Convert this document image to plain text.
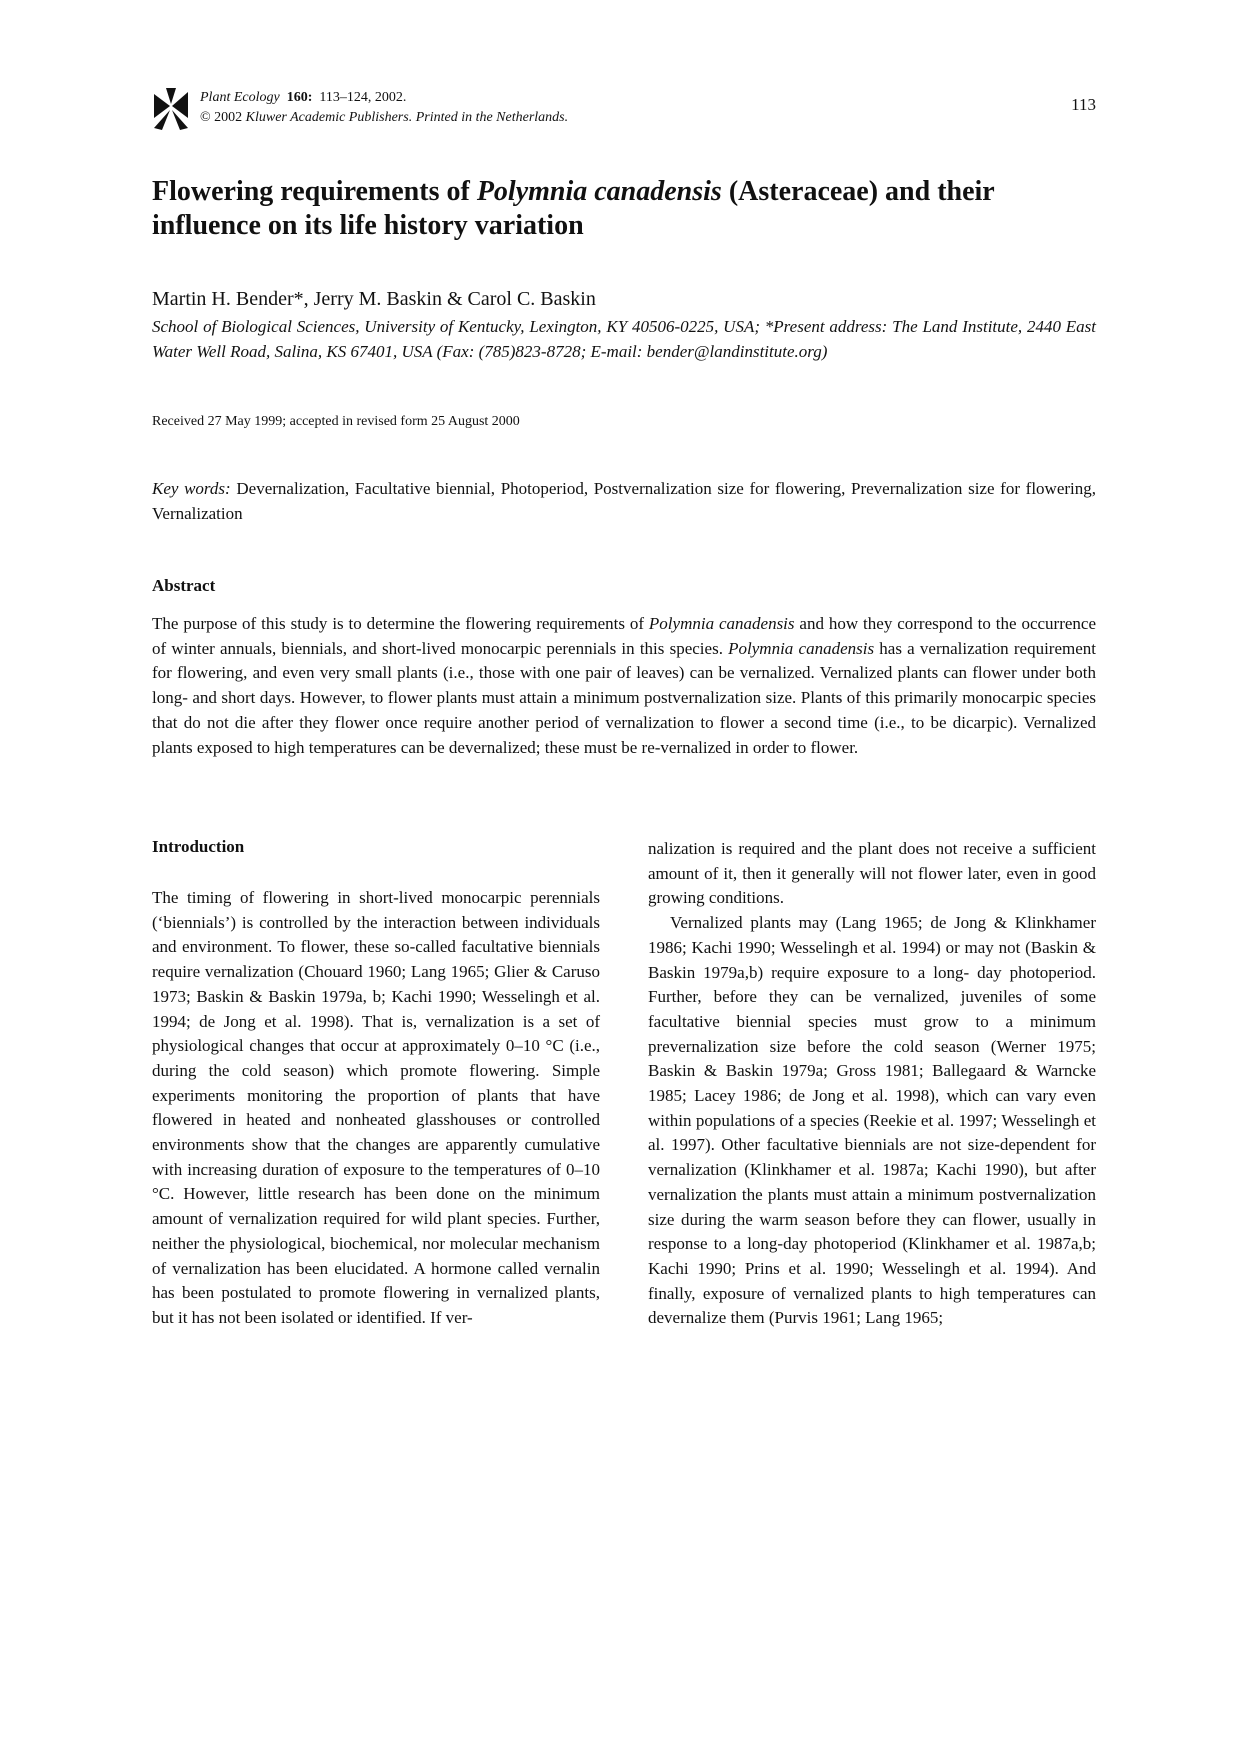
Plant Ecology 160: 113–124, 2002.
© 2002 Kluwer Academic Publishers. Printed in the Netherlands.
113
Flowering requirements of Polymnia canadensis (Asteraceae) and their influence on its life history variation
Martin H. Bender*, Jerry M. Baskin & Carol C. Baskin
School of Biological Sciences, University of Kentucky, Lexington, KY 40506-0225, USA; *Present address: The Land Institute, 2440 East Water Well Road, Salina, KS 67401, USA (Fax: (785)823-8728; E-mail: bender@landinstitute.org)
Received 27 May 1999; accepted in revised form 25 August 2000
Key words: Devernalization, Facultative biennial, Photoperiod, Postvernalization size for flowering, Prevernalization size for flowering, Vernalization
Abstract
The purpose of this study is to determine the flowering requirements of Polymnia canadensis and how they correspond to the occurrence of winter annuals, biennials, and short-lived monocarpic perennials in this species. Polymnia canadensis has a vernalization requirement for flowering, and even very small plants (i.e., those with one pair of leaves) can be vernalized. Vernalized plants can flower under both long- and short days. However, to flower plants must attain a minimum postvernalization size. Plants of this primarily monocarpic species that do not die after they flower once require another period of vernalization to flower a second time (i.e., to be dicarpic). Vernalized plants exposed to high temperatures can be devernalized; these must be re-vernalized in order to flower.
Introduction

The timing of flowering in short-lived monocarpic perennials (‘biennials’) is controlled by the interaction between individuals and environment. To flower, these so-called facultative biennials require vernalization (Chouard 1960; Lang 1965; Glier & Caruso 1973; Baskin & Baskin 1979a, b; Kachi 1990; Wesselingh et al. 1994; de Jong et al. 1998). That is, vernalization is a set of physiological changes that occur at approximately 0–10 °C (i.e., during the cold season) which promote flowering. Simple experiments monitoring the proportion of plants that have flowered in heated and nonheated glasshouses or controlled environments show that the changes are apparently cumulative with increasing duration of exposure to the temperatures of 0–10 °C. However, little research has been done on the minimum amount of vernalization required for wild plant species. Further, neither the physiological, biochemical, nor molecular mechanism of vernalization has been elucidated. A hormone called vernalin has been postulated to promote flowering in vernalized plants, but it has not been isolated or identified. If ver-

nalization is required and the plant does not receive a sufficient amount of it, then it generally will not flower later, even in good growing conditions.

Vernalized plants may (Lang 1965; de Jong & Klinkhamer 1986; Kachi 1990; Wesselingh et al. 1994) or may not (Baskin & Baskin 1979a,b) require exposure to a long- day photoperiod. Further, before they can be vernalized, juveniles of some facultative biennial species must grow to a minimum prevernalization size before the cold season (Werner 1975; Baskin & Baskin 1979a; Gross 1981; Ballegaard & Warncke 1985; Lacey 1986; de Jong et al. 1998), which can vary even within populations of a species (Reekie et al. 1997; Wesselingh et al. 1997). Other facultative biennials are not size-dependent for vernalization (Klinkhamer et al. 1987a; Kachi 1990), but after vernalization the plants must attain a minimum postvernalization size during the warm season before they can flower, usually in response to a long-day photoperiod (Klinkhamer et al. 1987a,b; Kachi 1990; Prins et al. 1990; Wesselingh et al. 1994). And finally, exposure of vernalized plants to high temperatures can devernalize them (Purvis 1961; Lang 1965;
